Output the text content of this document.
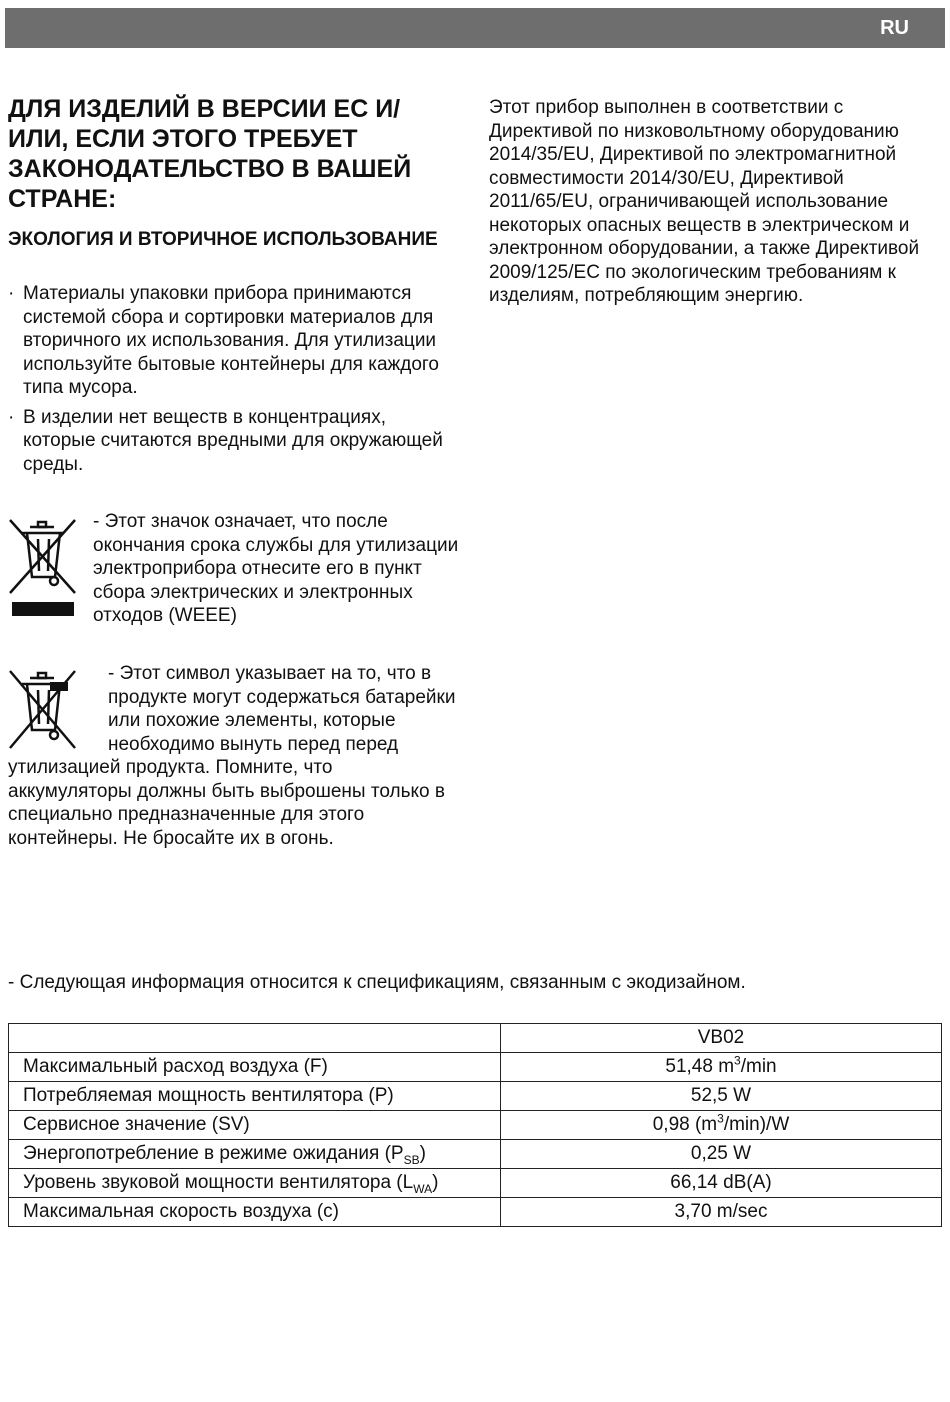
RU
ДЛЯ ИЗДЕЛИЙ В ВЕРСИИ ЕС И/ИЛИ, ЕСЛИ ЭТОГО ТРЕБУЕТ ЗАКОНОДАТЕЛЬСТВО В ВАШЕЙ СТРАНЕ:
ЭКОЛОГИЯ И ВТОРИЧНОЕ ИСПОЛЬЗОВАНИЕ
· Материалы упаковки прибора принимаются системой сбора и сортировки материалов для вторичного их использования. Для утилизации используйте бытовые контейнеры для каждого типа мусора.
· В изделии нет веществ в концентрациях, которые считаются вредными для окружающей среды.

Этот прибор выполнен в соответствии с Директивой по низковольтному оборудованию 2014/35/EU, Директивой по электромагнитной совместимости 2014/30/EU, Директивой 2011/65/EU, ограничивающей использование некоторых опасных веществ в электрическом и электронном оборудовании, а также Директивой 2009/125/EC по экологическим требованиям к изделиям, потребляющим энергию.

- Этот значок означает, что после окончания срока службы для утилизации электроприбора отнесите его в пункт сбора электрических и электронных отходов (WEEE)

- Этот символ указывает на то, что в продукте могут содержаться батарейки или похожие элементы, которые необходимо вынуть перед перед утилизацией продукта. Помните, что аккумуляторы должны быть выброшены только в специально предназначенные для этого контейнеры. Не бросайте их в огонь.

- Следующая информация относится к спецификациям, связанным с экодизайном.

	VB02
Максимальный расход воздуха (F)	51,48 $m^3/\min$
Потребляемая мощность вентилятора (P)	52,5 W
Сервисное значение (SV)	0,98 $(m^3/\min)/W$
Энергопотребление в режиме ожидания $(P_{SB})$	0,25 W
Уровень звуковой мощности вентилятора $(L_{WA})$	66,14 dB(A)
Максимальная скорость воздуха (c)	3,70 m/sec
